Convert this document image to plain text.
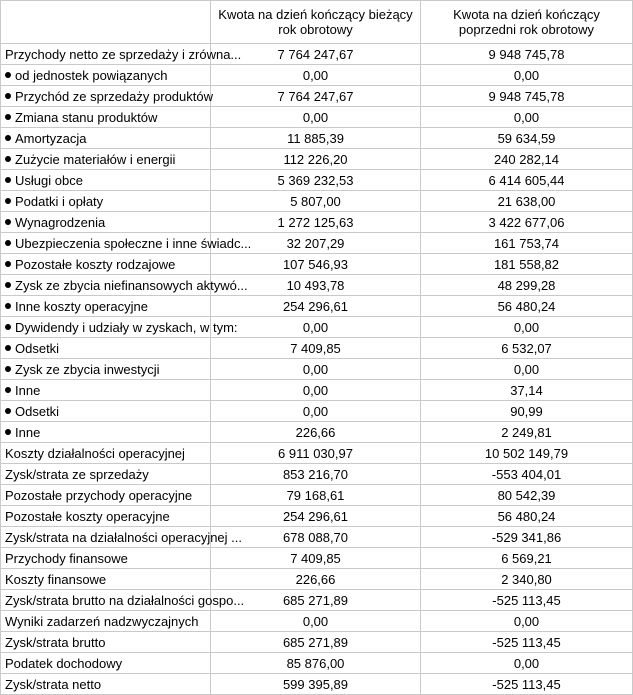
	Kwota na dzień kończący bieżący rok obrotowy	Kwota na dzień kończący poprzedni rok obrotowy
Przychody netto ze sprzedaży i zrówna...	7 764 247,67	9 948 745,78
od jednostek powiązanych	0,00	0,00
Przychód ze sprzedaży produktów	7 764 247,67	9 948 745,78
Zmiana stanu produktów	0,00	0,00
Amortyzacja	11 885,39	59 634,59
Zużycie materiałów i energii	112 226,20	240 282,14
Usługi obce	5 369 232,53	6 414 605,44
Podatki i opłaty	5 807,00	21 638,00
Wynagrodzenia	1 272 125,63	3 422 677,06
Ubezpieczenia społeczne i inne świadc...	32 207,29	161 753,74
Pozostałe koszty rodzajowe	107 546,93	181 558,82
Zysk ze zbycia niefinansowych aktywó...	10 493,78	48 299,28
Inne koszty operacyjne	254 296,61	56 480,24
Dywidendy i udziały w zyskach, w tym:	0,00	0,00
Odsetki	7 409,85	6 532,07
Zysk ze zbycia inwestycji	0,00	0,00
Inne	0,00	37,14
Odsetki	0,00	90,99
Inne	226,66	2 249,81
Koszty działalności operacyjnej	6 911 030,97	10 502 149,79
Zysk/strata ze sprzedaży	853 216,70	-553 404,01
Pozostałe przychody operacyjne	79 168,61	80 542,39
Pozostałe koszty operacyjne	254 296,61	56 480,24
Zysk/strata na działalności operacyjnej ...	678 088,70	-529 341,86
Przychody finansowe	7 409,85	6 569,21
Koszty finansowe	226,66	2 340,80
Zysk/strata brutto na działalności gospo...	685 271,89	-525 113,45
Wyniki zadarzeń nadzwyczajnych	0,00	0,00
Zysk/strata brutto	685 271,89	-525 113,45
Podatek dochodowy	85 876,00	0,00
Zysk/strata netto	599 395,89	-525 113,45
